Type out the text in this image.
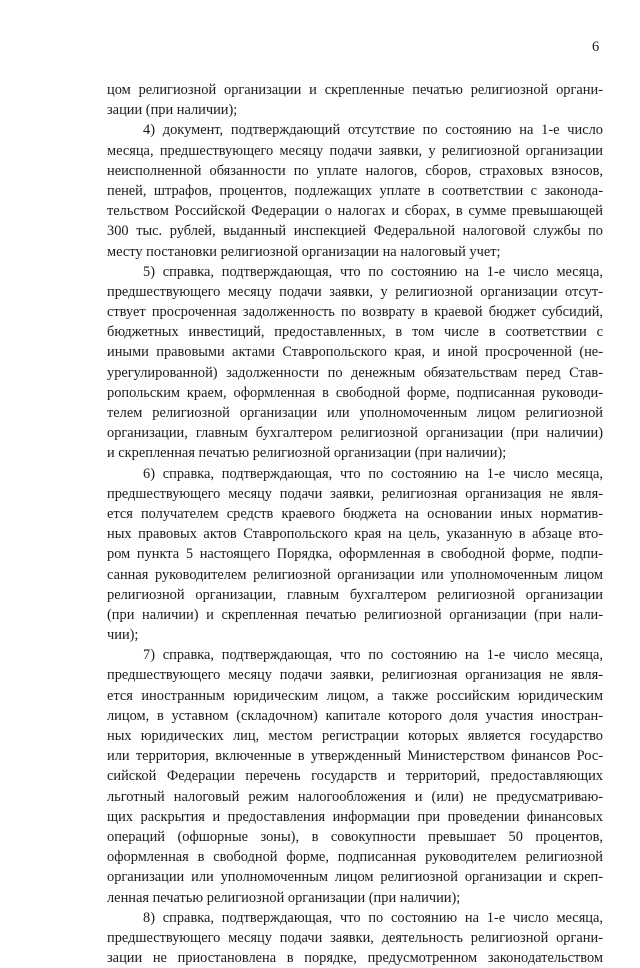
6
цом религиозной организации и скрепленные печатью религиозной органи-
зации (при наличии);
4) документ, подтверждающий отсутствие по состоянию на 1-е число
месяца, предшествующего месяцу подачи заявки, у религиозной организации
неисполненной обязанности по уплате налогов, сборов, страховых взносов,
пеней, штрафов, процентов, подлежащих уплате в соответствии с законода-
тельством Российской Федерации о налогах и сборах, в сумме превышающей
300 тыс. рублей, выданный инспекцией Федеральной налоговой службы по
месту постановки религиозной организации на налоговый учет;
5) справка, подтверждающая, что по состоянию на 1-е число месяца,
предшествующего месяцу подачи заявки, у религиозной организации отсут-
ствует просроченная задолженность по возврату в краевой бюджет субсидий,
бюджетных инвестиций, предоставленных, в том числе в соответствии с
иными правовыми актами Ставропольского края, и иной просроченной (не-
урегулированной) задолженности по денежным обязательствам перед Став-
ропольским краем, оформленная в свободной форме, подписанная руководи-
телем религиозной организации или уполномоченным лицом религиозной
организации, главным бухгалтером религиозной организации (при наличии)
и скрепленная печатью религиозной организации (при наличии);
6) справка, подтверждающая, что по состоянию на 1-е число месяца,
предшествующего месяцу подачи заявки, религиозная организация не явля-
ется получателем средств краевого бюджета на основании иных норматив-
ных правовых актов Ставропольского края на цель, указанную в абзаце вто-
ром пункта 5 настоящего Порядка, оформленная в свободной форме, подпи-
санная руководителем религиозной организации или уполномоченным лицом
религиозной организации, главным бухгалтером религиозной организации
(при наличии) и скрепленная печатью религиозной организации (при нали-
чии);
7) справка, подтверждающая, что по состоянию на 1-е число месяца,
предшествующего месяцу подачи заявки, религиозная организация не явля-
ется иностранным юридическим лицом, а также российским юридическим
лицом, в уставном (складочном) капитале которого доля участия иностран-
ных юридических лиц, местом регистрации которых является государство
или территория, включенные в утвержденный Министерством финансов Рос-
сийской Федерации перечень государств и территорий, предоставляющих
льготный налоговый режим налогообложения и (или) не предусматриваю-
щих раскрытия и предоставления информации при проведении финансовых
операций (офшорные зоны), в совокупности превышает 50 процентов,
оформленная в свободной форме, подписанная руководителем религиозной
организации или уполномоченным лицом религиозной организации и скреп-
ленная печатью религиозной организации (при наличии);
8) справка, подтверждающая, что по состоянию на 1-е число месяца,
предшествующего месяцу подачи заявки, деятельность религиозной органи-
зации не приостановлена в порядке, предусмотренном законодательством
